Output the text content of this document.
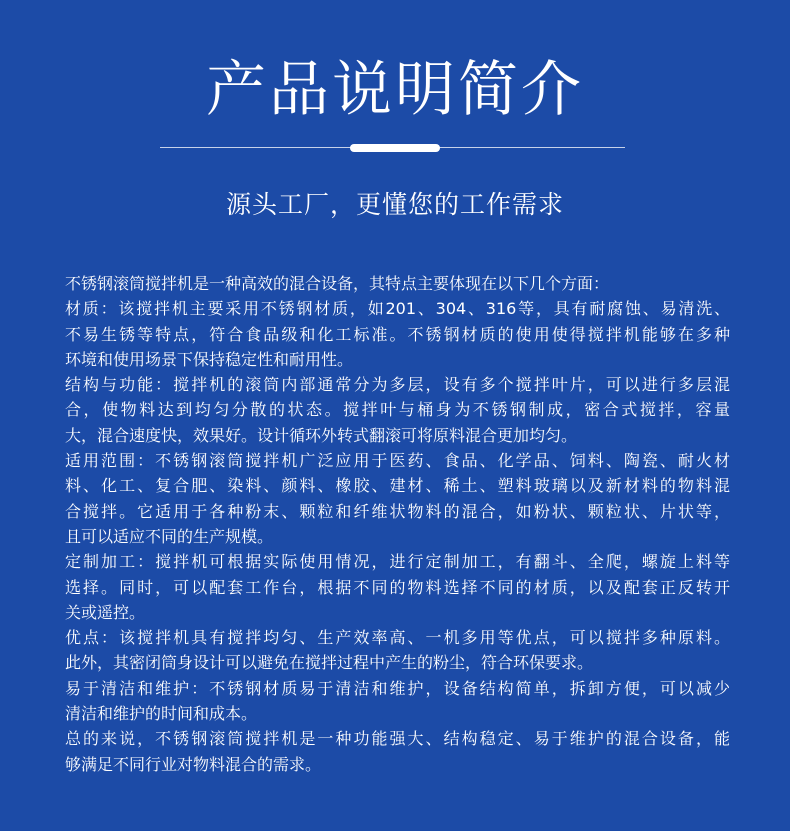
产品说明简介
源头工厂，更懂您的工作需求
不锈钢滚筒搅拌机是一种高效的混合设备，其特点主要体现在以下几个方面：
材质：该搅拌机主要采用不锈钢材质，如201、304、316等，具有耐腐蚀、易清洗、
不易生锈等特点，符合食品级和化工标准。不锈钢材质的使用使得搅拌机能够在多种
环境和使用场景下保持稳定性和耐用性。
结构与功能：搅拌机的滚筒内部通常分为多层，设有多个搅拌叶片，可以进行多层混
合，使物料达到均匀分散的状态。搅拌叶与桶身为不锈钢制成，密合式搅拌，容量
大，混合速度快，效果好。设计循环外转式翻滚可将原料混合更加均匀。
适用范围：不锈钢滚筒搅拌机广泛应用于医药、食品、化学品、饲料、陶瓷、耐火材
料、化工、复合肥、染料、颜料、橡胶、建材、稀土、塑料玻璃以及新材料的物料混
合搅拌。它适用于各种粉末、颗粒和纤维状物料的混合，如粉状、颗粒状、片状等，
且可以适应不同的生产规模。
定制加工：搅拌机可根据实际使用情况，进行定制加工，有翻斗、全爬，螺旋上料等
选择。同时，可以配套工作台，根据不同的物料选择不同的材质，以及配套正反转开
关或遥控。
优点：该搅拌机具有搅拌均匀、生产效率高、一机多用等优点，可以搅拌多种原料。
此外，其密闭筒身设计可以避免在搅拌过程中产生的粉尘，符合环保要求。
易于清洁和维护：不锈钢材质易于清洁和维护，设备结构简单，拆卸方便，可以减少
清洁和维护的时间和成本。
总的来说，不锈钢滚筒搅拌机是一种功能强大、结构稳定、易于维护的混合设备，能
够满足不同行业对物料混合的需求。
